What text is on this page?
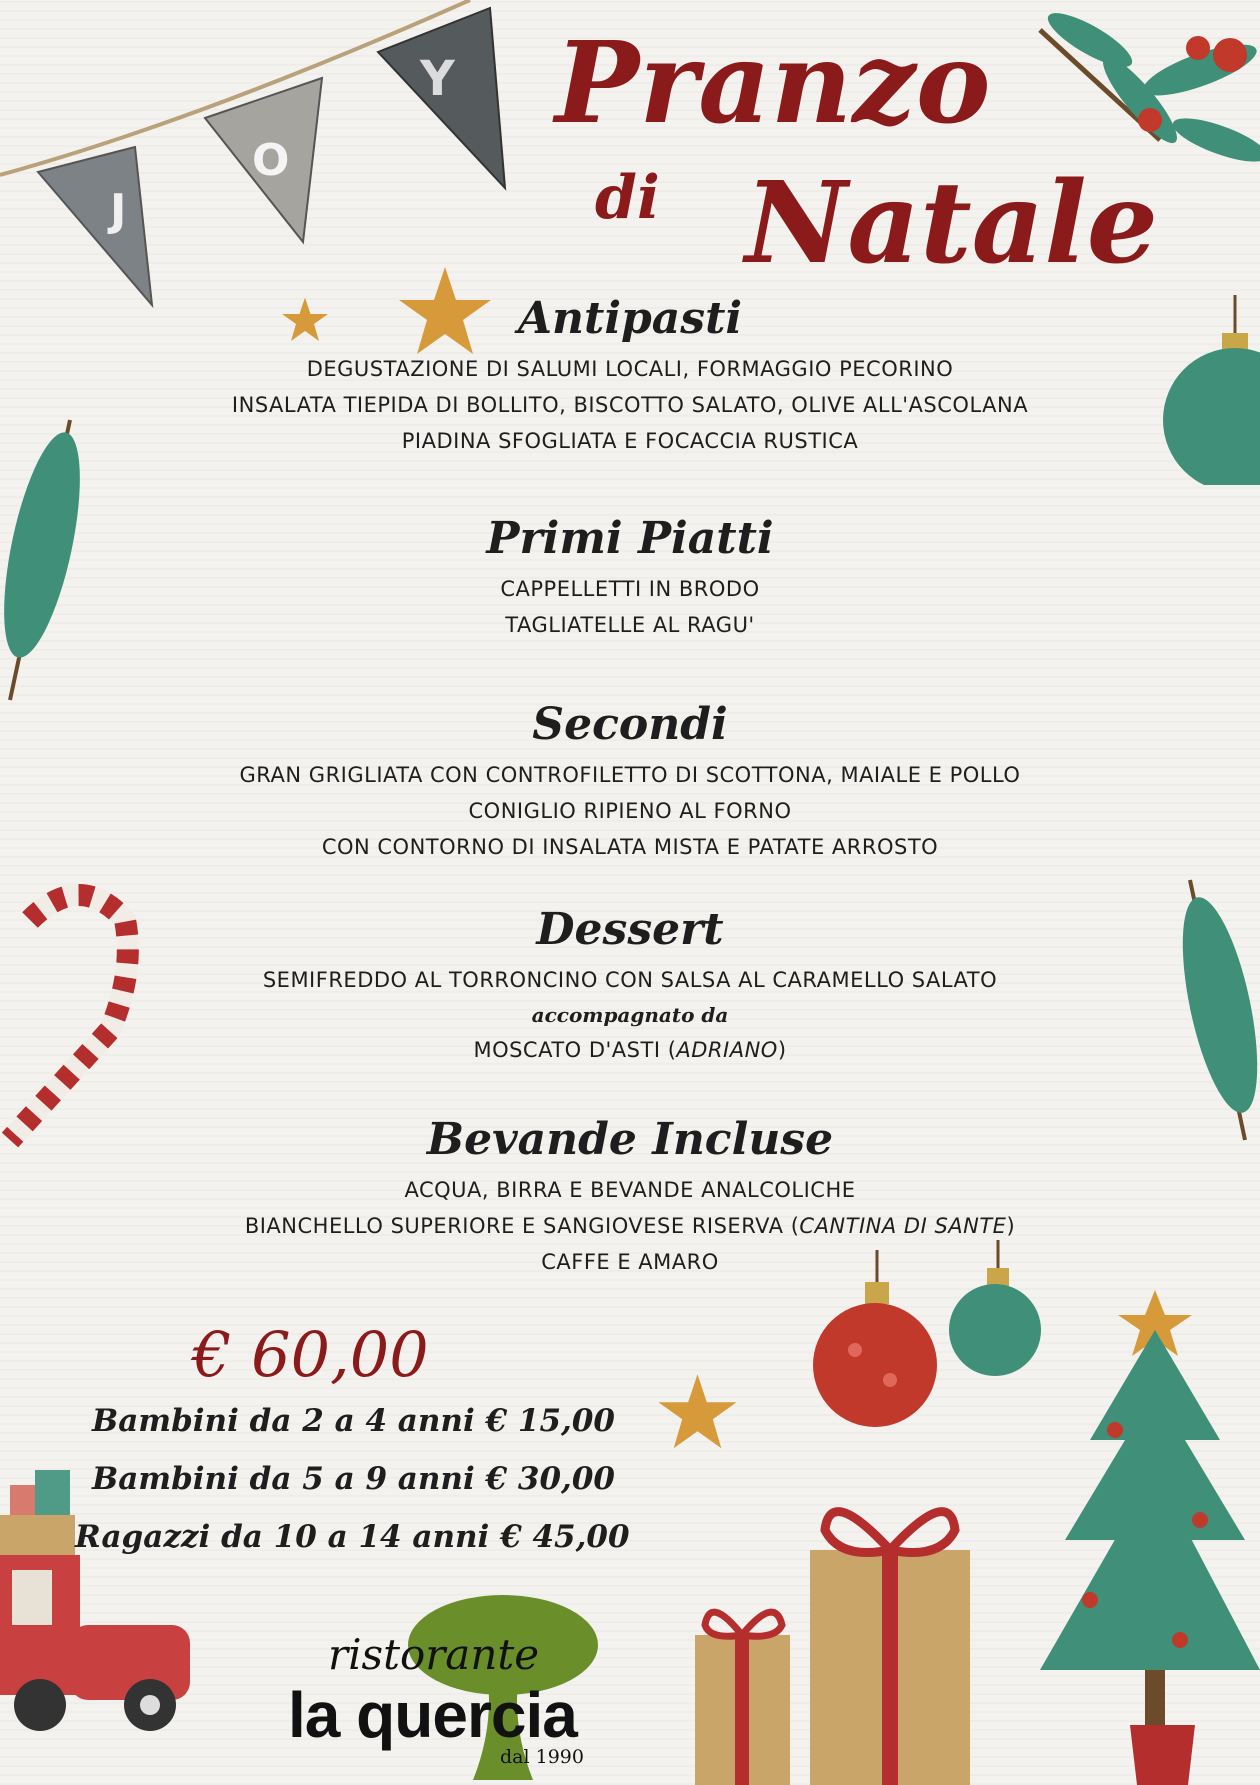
J
O
Y Pranzo

di Natale
Antipasti

DEGUSTAZIONE DI SALUMI LOCALI, FORMAGGIO PECORINO

INSALATA TIEPIDA DI BOLLITO, BISCOTTO SALATO, OLIVE ALL'ASCOLANA

PIADINA SFOGLIATA E FOCACCIA RUSTICA

Primi Piatti

CAPPELLETTI IN BRODO

TAGLIATELLE AL RAGU'

Secondi

GRAN GRIGLIATA CON CONTROFILETTO DI SCOTTONA, MAIALE E POLLO

CONIGLIO RIPIENO AL FORNO

CON CONTORNO DI INSALATA MISTA E PATATE ARROSTO

Dessert

SEMIFREDDO AL TORRONCINO CON SALSA AL CARAMELLO SALATO

accompagnato da

MOSCATO D'ASTI (ADRIANO)

Bevande Incluse

ACQUA, BIRRA E BEVANDE ANALCOLICHE

BIANCHELLO SUPERIORE E SANGIOVESE RISERVA (CANTINA DI SANTE)

CAFFE E AMARO

€ 60,00

Bambini da 2 a 4 anni € 15,00

Bambini da 5 a 9 anni € 30,00

Ragazzi da 10 a 14 anni € 45,00

ristorante

la quercia

dal 1990
